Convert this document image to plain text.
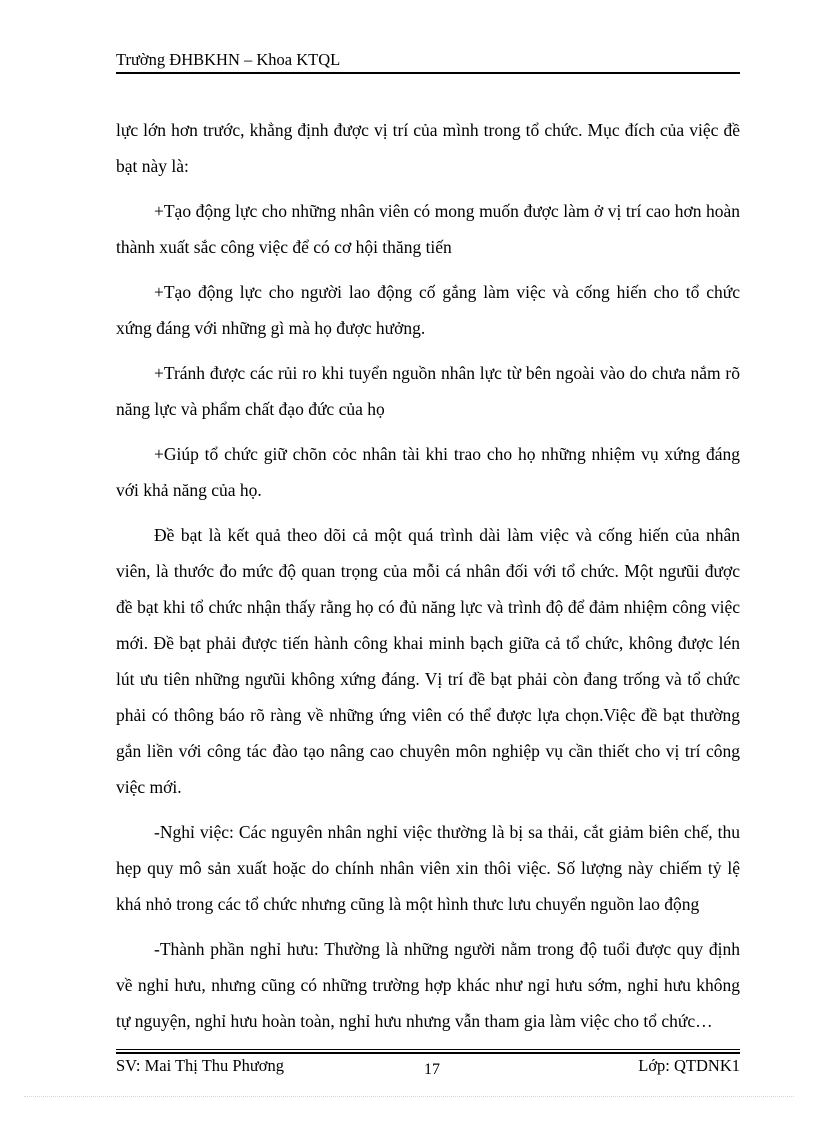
Trường ĐHBKHN – Khoa KTQL

lực lớn hơn trước, khẳng định được vị trí của mình trong tổ chức. Mục đích của việc đề bạt này là:

+Tạo động lực cho những nhân viên có mong muốn được làm ở vị trí cao hơn hoàn thành xuất sắc công việc để có cơ hội thăng tiến

+Tạo động lực cho người lao động cố gắng làm việc và cống hiến cho tổ chức xứng đáng với những gì mà họ được hưởng.

+Tránh được các rủi ro khi tuyển nguồn nhân lực từ bên ngoài vào do chưa nắm rõ năng lực và phẩm chất đạo đức của họ

+Giúp tổ chức giữ chõn cỏc nhân tài khi trao cho họ những nhiệm vụ xứng đáng với khả năng của họ.

Đề bạt là kết quả theo dõi cả một quá trình dài làm việc và cống hiến của nhân viên, là thước đo mức độ quan trọng của mỗi cá nhân đối với tổ chức. Một ngưũi được đề bạt khi tổ chức nhận thấy rằng họ có đủ năng lực và trình độ để đảm nhiệm công việc mới. Đề bạt phải được tiến hành công khai minh bạch giữa cả tổ chức, không được lén lút ưu tiên những ngưũi không xứng đáng. Vị trí đề bạt phải còn đang trống và tổ chức phải có thông báo rõ ràng về những ứng viên có thể được lựa chọn.Việc đề bạt thường gắn liền với công tác đào tạo nâng cao chuyên môn nghiệp vụ cần thiết cho vị trí công việc mới.

-Nghỉ việc: Các nguyên nhân nghỉ việc thường là bị sa thải, cắt giảm biên chế, thu hẹp quy mô sản xuất hoặc do chính nhân viên xin thôi việc. Số lượng này chiếm tỷ lệ khá nhỏ trong các tổ chức nhưng cũng là một hình thưc lưu chuyển nguồn lao động

-Thành phần nghỉ hưu: Thường là những người nằm trong độ tuổi được quy định về nghỉ hưu, nhưng cũng có những trường hợp khác như ngỉ hưu sớm, nghỉ hưu không tự nguyện, nghỉ hưu hoàn toàn, nghỉ hưu nhưng vẫn tham gia làm việc cho tổ chức…

SV: Mai Thị Thu Phương	17	Lớp: QTDNK1
